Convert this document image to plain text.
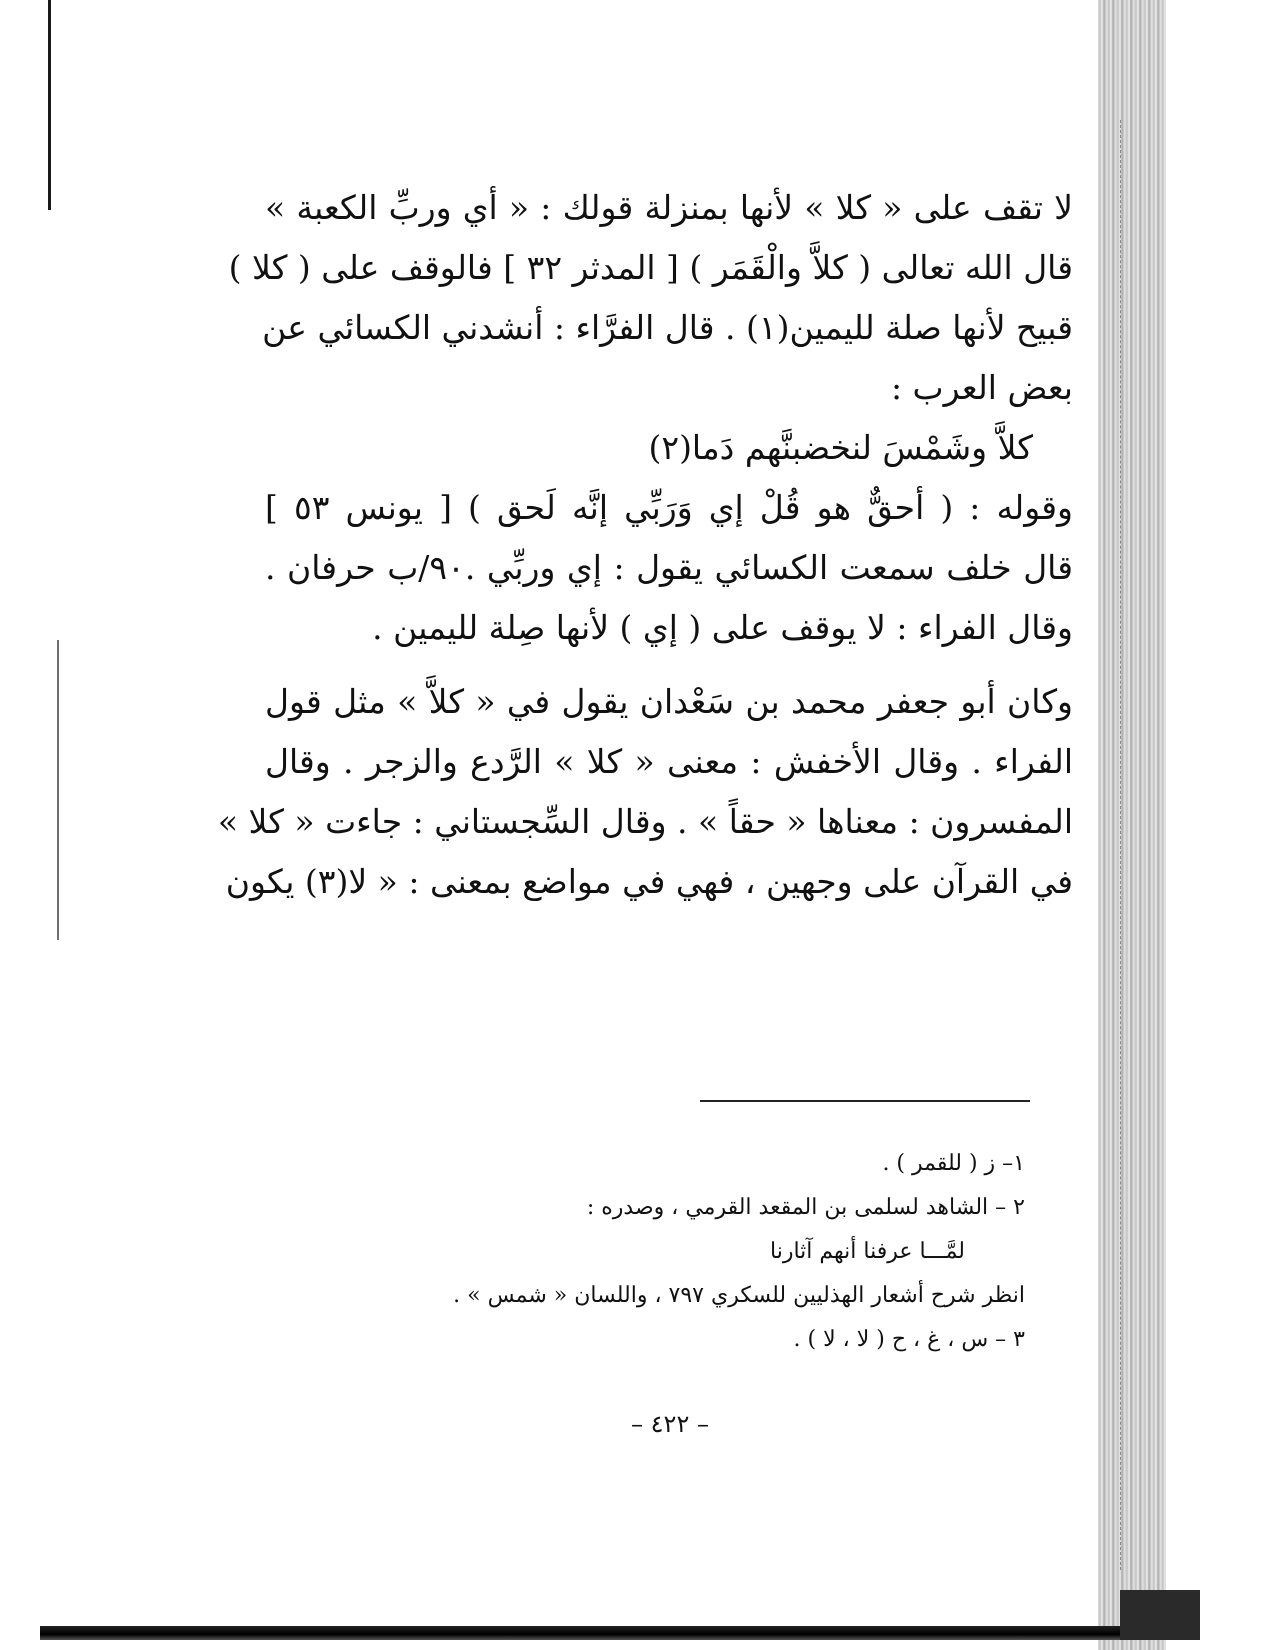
لا تقف على « كلا » لأنها بمنزلة قولك : « أي وربِّ الكعبة »

قال الله تعالى ( كلاَّ والْقَمَر ) [ المدثر ٣٢ ] فالوقف على ( كلا )

قبيح لأنها صلة لليمين(١) . قال الفرَّاء : أنشدني الكسائي عن

بعض العرب :

كلاَّ وشَمْسَ لنخضبنَّهم دَما(٢)

وقوله : ( أحقٌّ هو قُلْ إي وَرَبِّي إنَّه لَحق ) [ يونس ٥٣ ]

قال خلف سمعت الكسائي يقول : إي وربِّي .٩٠/ب حرفان .

وقال الفراء : لا يوقف على ( إي ) لأنها صِلة لليمين .

وكان أبو جعفر محمد بن سَعْدان يقول في « كلاَّ » مثل قول

الفراء . وقال الأخفش : معنى « كلا » الرَّدع والزجر . وقال

المفسرون : معناها « حقاً » . وقال السِّجستاني : جاءت « كلا »

في القرآن على وجهين ، فهي في مواضع بمعنى : « لا(٣) يكون

١– ز ( للقمر ) .

٢ – الشاهد لسلمى بن المقعد القرمي ، وصدره :

لمَّـــا عرفنا أنهم آثارنا

انظر شرح أشعار الهذليين للسكري ٧٩٧ ، واللسان « شمس » .

٣ – س ، غ ، ح ( لا ، لا ) .

– ٤٢٢ –
